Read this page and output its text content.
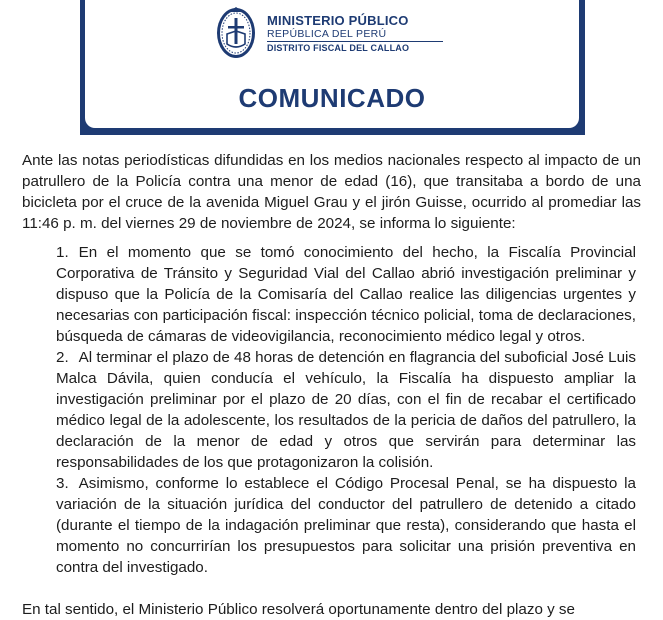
MINISTERIO PÚBLICO
REPÚBLICA DEL PERÚ
DISTRITO FISCAL DEL CALLAO
COMUNICADO
Ante las notas periodísticas difundidas en los medios nacionales respecto al impacto de un patrullero de la Policía contra una menor de edad (16), que transitaba a bordo de una bicicleta por el cruce de la avenida Miguel Grau y el jirón Guisse, ocurrido al promediar las 11:46 p. m. del viernes 29 de noviembre de 2024, se informa lo siguiente:

1. En el momento que se tomó conocimiento del hecho, la Fiscalía Provincial Corporativa de Tránsito y Seguridad Vial del Callao abrió investigación preliminar y dispuso que la Policía de la Comisaría del Callao realice las diligencias urgentes y necesarias con participación fiscal: inspección técnico policial, toma de declaraciones, búsqueda de cámaras de videovigilancia, reconocimiento médico legal y otros.

2. Al terminar el plazo de 48 horas de detención en flagrancia del suboficial José Luis Malca Dávila, quien conducía el vehículo, la Fiscalía ha dispuesto ampliar la investigación preliminar por el plazo de 20 días, con el fin de recabar el certificado médico legal de la adolescente, los resultados de la pericia de daños del patrullero, la declaración de la menor de edad y otros que servirán para determinar las responsabilidades de los que protagonizaron la colisión.

3. Asimismo, conforme lo establece el Código Procesal Penal, se ha dispuesto la variación de la situación jurídica del conductor del patrullero de detenido a citado (durante el tiempo de la indagación preliminar que resta), considerando que hasta el momento no concurrirían los presupuestos para solicitar una prisión preventiva en contra del investigado.

En tal sentido, el Ministerio Público resolverá oportunamente dentro del plazo y se
